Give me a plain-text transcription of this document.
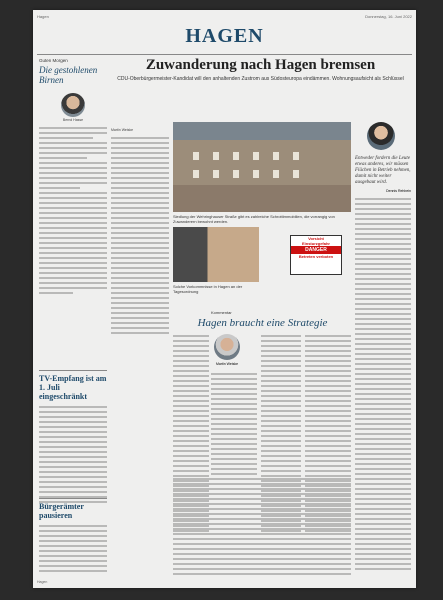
Hagen	Donnerstag, 16. Juni 2022
HAGEN
Zuwanderung nach Hagen bremsen
CDU-Oberbürgermeister-Kandidat will den anhaltenden Zustrom aus Südosteuropa eindämmen. Wohnungsaufsicht als Schlüssel
Guten Morgen
Die gestohlenen Birnen
Bernd Hasse
Martin Weiske
Siedlung der Wehringhauser Straße gibt es zahlreiche Schrottimmobilien, die vorrangig von Zuwanderern bewohnt werden.
Solche Vorkommnisse in Hagen an der Tagesordnung
Vorsicht
Einsturzgefahr
DANGER
Betreten verboten
Entweder fordern die Leute etwas anderes, wir müssen Flächen in Betrieb nehmen, damit nicht weiter ausgebaut wird.
Dennis Rehbein
Kommentar
Hagen braucht eine Strategie
Martin Weiske
TV-Empfang ist am 1. Juli eingeschränkt
Bürgerämter pausieren
Hagen
